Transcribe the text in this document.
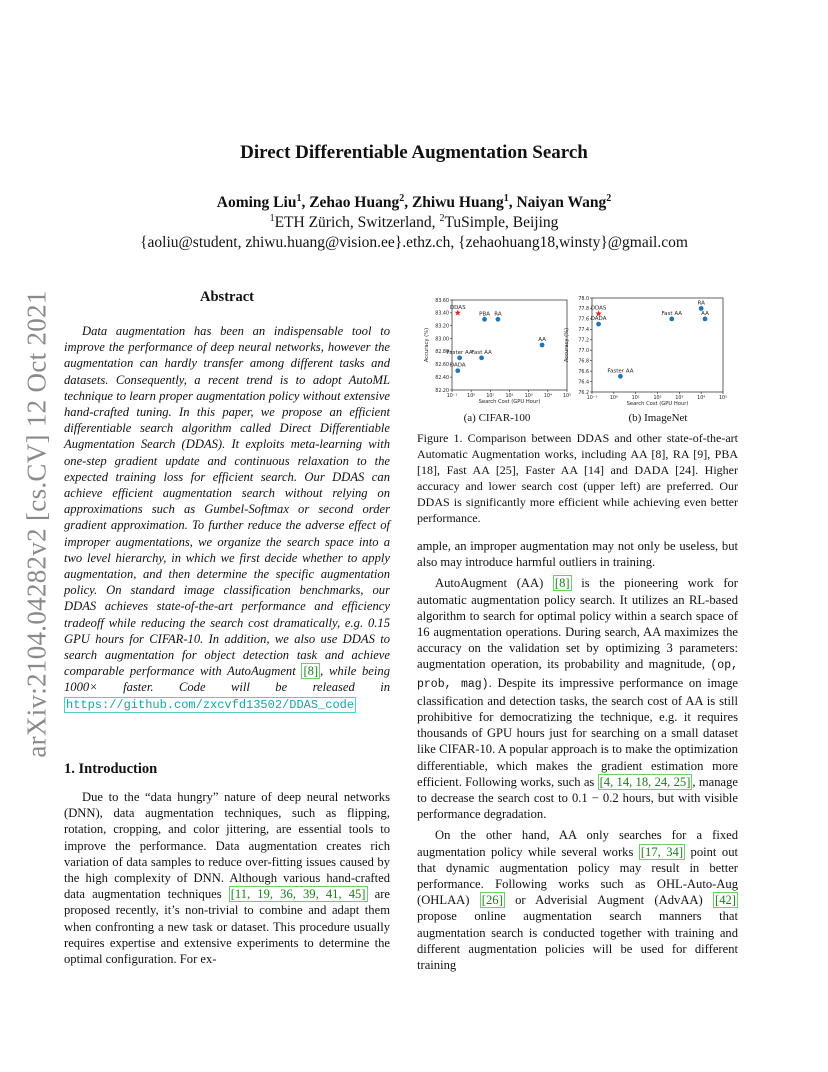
arXiv:2104.04282v2 [cs.CV] 12 Oct 2021
Direct Differentiable Augmentation Search
Aoming Liu$^1$, Zehao Huang$^2$, Zhiwu Huang$^1$, Naiyan Wang$^2$
$^1$ETH Zürich, Switzerland, $^2$TuSimple, Beijing
{aoliu@student, zhiwu.huang@vision.ee}.ethz.ch, {zehaohuang18,winsty}@gmail.com
Abstract

Data augmentation has been an indispensable tool to improve the performance of deep neural networks, however the augmentation can hardly transfer among different tasks and datasets. Consequently, a recent trend is to adopt AutoML technique to learn proper augmentation policy without extensive hand-crafted tuning. In this paper, we propose an efficient differentiable search algorithm called Direct Differentiable Augmentation Search (DDAS). It exploits meta-learning with one-step gradient update and continuous relaxation to the expected training loss for efficient search. Our DDAS can achieve efficient augmentation search without relying on approximations such as Gumbel-Softmax or second order gradient approximation. To further reduce the adverse effect of improper augmentations, we organize the search space into a two level hierarchy, in which we first decide whether to apply augmentation, and then determine the specific augmentation policy. On standard image classification benchmarks, our DDAS achieves state-of-the-art performance and efficiency tradeoff while reducing the search cost dramatically, e.g. 0.15 GPU hours for CIFAR-10. In addition, we also use DDAS to search augmentation for object detection task and achieve comparable performance with AutoAugment [8] , while being 1000× faster. Code will be released in https://github.com/zxcvfd13502/DDAS_code

1. Introduction

Due to the “data hungry” nature of deep neural networks (DNN), data augmentation techniques, such as flipping, rotation, cropping, and color jittering, are essential tools to improve the performance. Data augmentation creates rich variation of data samples to reduce over-fitting issues caused by the high complexity of DNN. Although various hand-crafted data augmentation techniques [11, 19, 36, 39, 41, 45] are proposed recently, it’s non-trivial to combine and adapt them when confronting a new task or dataset. This procedure usually requires expertise and extensive experiments to determine the optimal configuration. For ex-

82.20
82.40
82.60
82.80
83.00
83.20
83.40
83.60
10⁻¹ 10⁰ 10¹ 10² 10³ 10⁴ 10⁵
Search Cost (GPU Hour)
Accuracy (%)
DDAS
PBA RA
AA
Faster AA
Fast AA
DADA
76.2
76.4
76.6
76.8
77.0
77.2
77.4
77.6
77.8
78.0
10⁻¹	10⁰	10¹	10²	10³	10⁴	10⁵
Search Cost (GPU Hour)
Accuracy (%)
DDAS
DADA
Fast AA
RA
AA
Faster AA
(a) CIFAR-100	(b) ImageNet
Figure 1. Comparison between DDAS and other state-of-the-art Automatic Augmentation works, including AA [8], RA [9], PBA [18], Fast AA [25], Faster AA [14] and DADA [24]. Higher accuracy and lower search cost (upper left) are preferred. Our DDAS is significantly more efficient while achieving even better performance.

ample, an improper augmentation may not only be useless, but also may introduce harmful outliers in training.

AutoAugment (AA) [8] is the pioneering work for automatic augmentation policy search. It utilizes an RL-based algorithm to search for optimal policy within a search space of 16 augmentation operations. During search, AA maximizes the accuracy on the validation set by optimizing 3 parameters: augmentation operation, its probability and magnitude, (op, prob, mag). Despite its impressive performance on image classification and detection tasks, the search cost of AA is still prohibitive for democratizing the technique, e.g. it requires thousands of GPU hours just for searching on a small dataset like CIFAR-10. A popular approach is to make the optimization differentiable, which makes the gradient estimation more efficient. Following works, such as [4, 14, 18, 24, 25] , manage to decrease the search cost to 0.1 − 0.2 hours, but with visible performance degradation.

On the other hand, AA only searches for a fixed augmentation policy while several works [17, 34] point out that dynamic augmentation policy may result in better performance. Following works such as OHL-Auto-Aug (OHLAA) [26] or Adverisial Augment (AdvAA) [42] propose online augmentation search manners that augmentation search is conducted together with training and different augmentation policies will be used for different training
